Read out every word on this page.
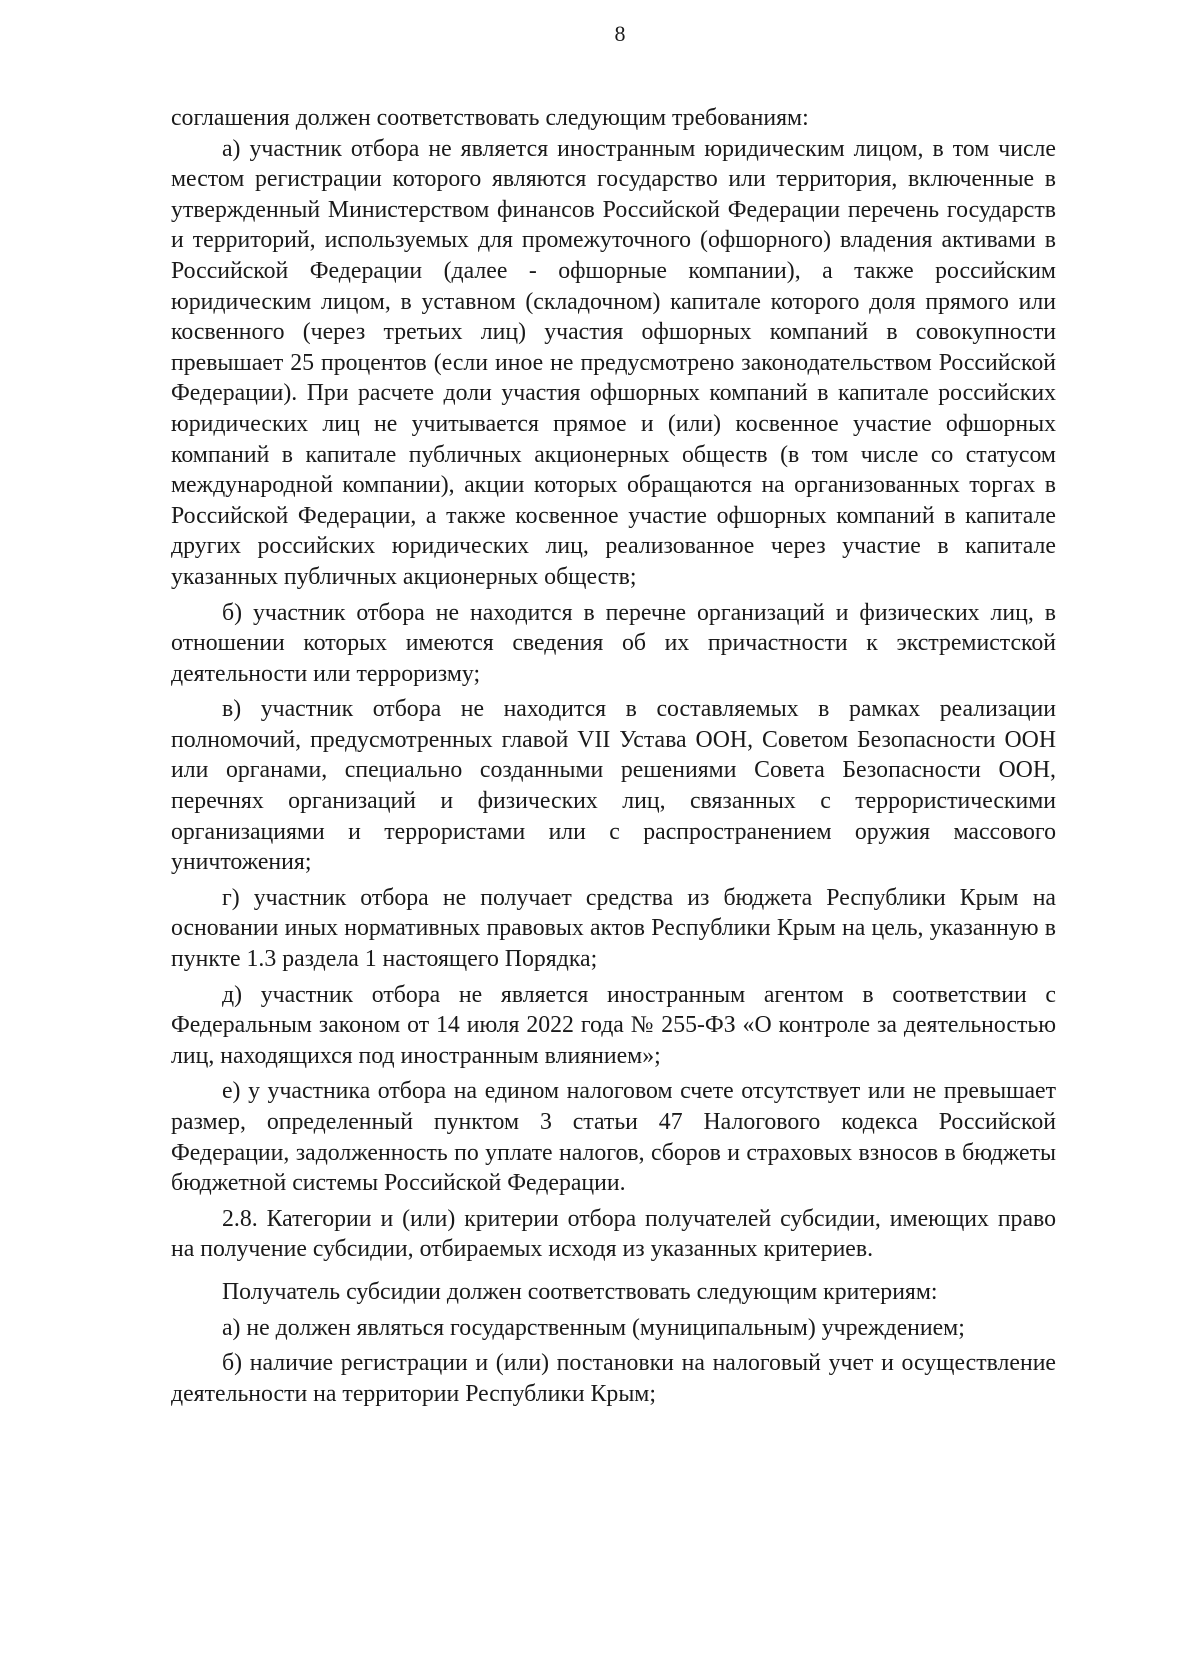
8

соглашения должен соответствовать следующим требованиям:

а) участник отбора не является иностранным юридическим лицом, в том числе местом регистрации которого являются государство или территория, включенные в утвержденный Министерством финансов Российской Федерации перечень государств и территорий, используемых для промежуточного (офшорного) владения активами в Российской Федерации (далее - офшорные компании), а также российским юридическим лицом, в уставном (складочном) капитале которого доля прямого или косвенного (через третьих лиц) участия офшорных компаний в совокупности превышает 25 процентов (если иное не предусмотрено законодательством Российской Федерации). При расчете доли участия офшорных компаний в капитале российских юридических лиц не учитывается прямое и (или) косвенное участие офшорных компаний в капитале публичных акционерных обществ (в том числе со статусом международной компании), акции которых обращаются на организованных торгах в Российской Федерации, а также косвенное участие офшорных компаний в капитале других российских юридических лиц, реализованное через участие в капитале указанных публичных акционерных обществ;

б) участник отбора не находится в перечне организаций и физических лиц, в отношении которых имеются сведения об их причастности к экстремистской деятельности или терроризму;

в) участник отбора не находится в составляемых в рамках реализации полномочий, предусмотренных главой VII Устава ООН, Советом Безопасности ООН или органами, специально созданными решениями Совета Безопасности ООН, перечнях организаций и физических лиц, связанных с террористическими организациями и террористами или с распространением оружия массового уничтожения;

г) участник отбора не получает средства из бюджета Республики Крым на основании иных нормативных правовых актов Республики Крым на цель, указанную в пункте 1.3 раздела 1 настоящего Порядка;

д) участник отбора не является иностранным агентом в соответствии с Федеральным законом от 14 июля 2022 года № 255-ФЗ «О контроле за деятельностью лиц, находящихся под иностранным влиянием»;

е) у участника отбора на едином налоговом счете отсутствует или не превышает размер, определенный пунктом 3 статьи 47 Налогового кодекса Российской Федерации, задолженность по уплате налогов, сборов и страховых взносов в бюджеты бюджетной системы Российской Федерации.

2.8. Категории и (или) критерии отбора получателей субсидии, имеющих право на получение субсидии, отбираемых исходя из указанных критериев.

Получатель субсидии должен соответствовать следующим критериям:

а) не должен являться государственным (муниципальным) учреждением;

б) наличие регистрации и (или) постановки на налоговый учет и осуществление деятельности на территории Республики Крым;
